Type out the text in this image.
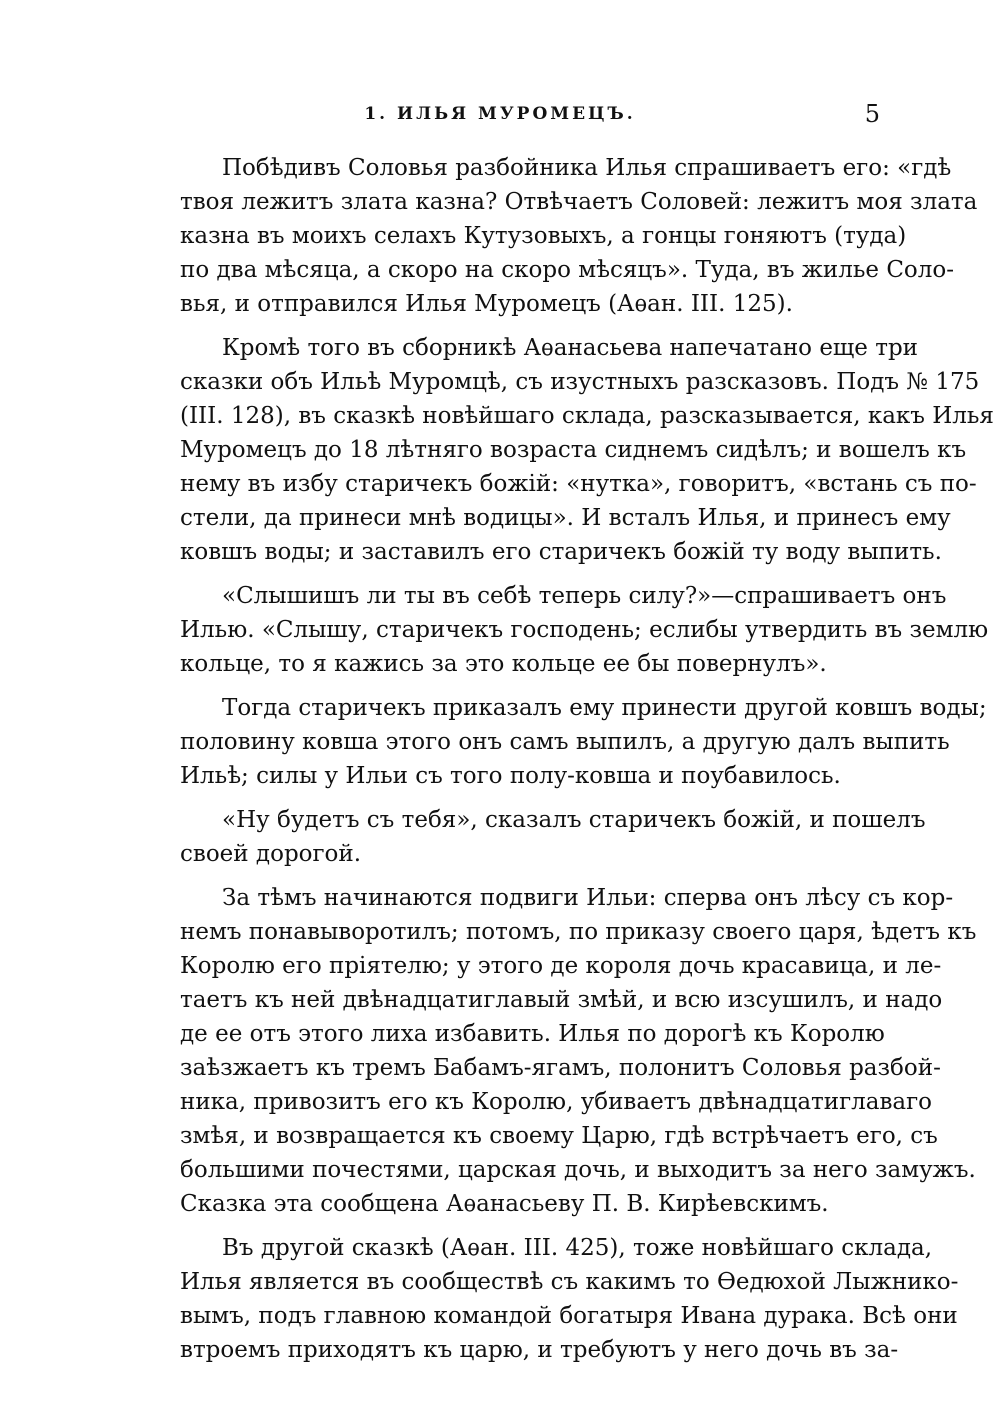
1. ИЛЬЯ МУРОМЕЦЪ.	5
Побѣдивъ Соловья разбойника Илья спрашиваетъ его: «гдѣ
твоя лежитъ злата казна? Отвѣчаетъ Соловей: лежитъ моя злата
казна въ моихъ селахъ Кутузовыхъ, а гонцы гоняютъ (туда)
по два мѣсяца, а скоро на скоро мѣсяцъ». Туда, въ жилье Соло-
вья, и отправился Илья Муромецъ (Аѳан. III. 125).
Кромѣ того въ сборникѣ Аѳанасьева напечатано еще три
сказки объ Ильѣ Муромцѣ, съ изустныхъ разсказовъ. Подъ № 175
(III. 128), въ сказкѣ новѣйшаго склада, разсказывается, какъ Илья
Муромецъ до 18 лѣтняго возраста сиднемъ сидѣлъ; и вошелъ къ
нему въ избу старичекъ божій: «нутка», говоритъ, «встань съ по-
стели, да принеси мнѣ водицы». И всталъ Илья, и принесъ ему
ковшъ воды; и заставилъ его старичекъ божій ту воду выпить.
«Слышишъ ли ты въ себѣ теперь силу?»—спрашиваетъ онъ
Илью. «Слышу, старичекъ господень; еслибы утвердить въ землю
кольце, то я кажись за это кольце ее бы повернулъ».
Тогда старичекъ приказалъ ему принести другой ковшъ воды;
половину ковша этого онъ самъ выпилъ, а другую далъ выпить
Ильѣ; силы у Ильи съ того полу-ковша и поубавилось.
«Ну будетъ съ тебя», сказалъ старичекъ божій, и пошелъ
своей дорогой.
За тѣмъ начинаются подвиги Ильи: сперва онъ лѣсу съ кор-
немъ понавыворотилъ; потомъ, по приказу своего царя, ѣдетъ къ
Королю его пріятелю; у этого де короля дочь красавица, и ле-
таетъ къ ней двѣнадцатиглавый змѣй, и всю изсушилъ, и надо
де ее отъ этого лиха избавить. Илья по дорогѣ къ Королю
заѣзжаетъ къ тремъ Бабамъ-ягамъ, полонитъ Соловья разбой-
ника, привозитъ его къ Королю, убиваетъ двѣнадцатиглаваго
змѣя, и возвращается къ своему Царю, гдѣ встрѣчаетъ его, съ
большими почестями, царская дочь, и выходитъ за него замужъ.
Сказка эта сообщена Аѳанасьеву П. В. Кирѣевскимъ.
Въ другой сказкѣ (Аѳан. III. 425), тоже новѣйшаго склада,
Илья является въ сообществѣ съ какимъ то Ѳедюхой Лыжнико-
вымъ, подъ главною командой богатыря Ивана дурака. Всѣ они
втроемъ приходятъ къ царю, и требуютъ у него дочь въ за-
